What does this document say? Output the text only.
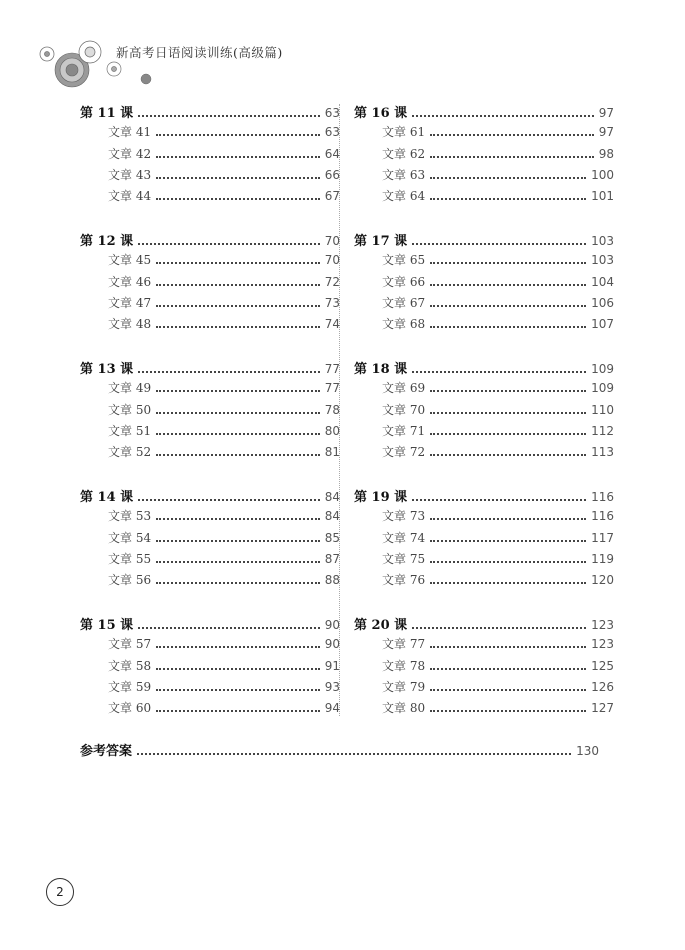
新高考日语阅读训练(高级篇)
第 11 课	63
文章 41	63
文章 42	64
文章 43	66
文章 44	67
第 12 课	70
文章 45	70
文章 46	72
文章 47	73
文章 48	74
第 13 课	77
文章 49	77
文章 50	78
文章 51	80
文章 52	81
第 14 课	84
文章 53	84
文章 54	85
文章 55	87
文章 56	88
第 15 课	90
文章 57	90
文章 58	91
文章 59	93
文章 60	94
第 16 课	97
文章 61	97
文章 62	98
文章 63	100
文章 64	101
第 17 课	103
文章 65	103
文章 66	104
文章 67	106
文章 68	107
第 18 课	109
文章 69	109
文章 70	110
文章 71	112
文章 72	113
第 19 课	116
文章 73	116
文章 74	117
文章 75	119
文章 76	120
第 20 课	123
文章 77	123
文章 78	125
文章 79	126
文章 80	127
参考答案	130
2
